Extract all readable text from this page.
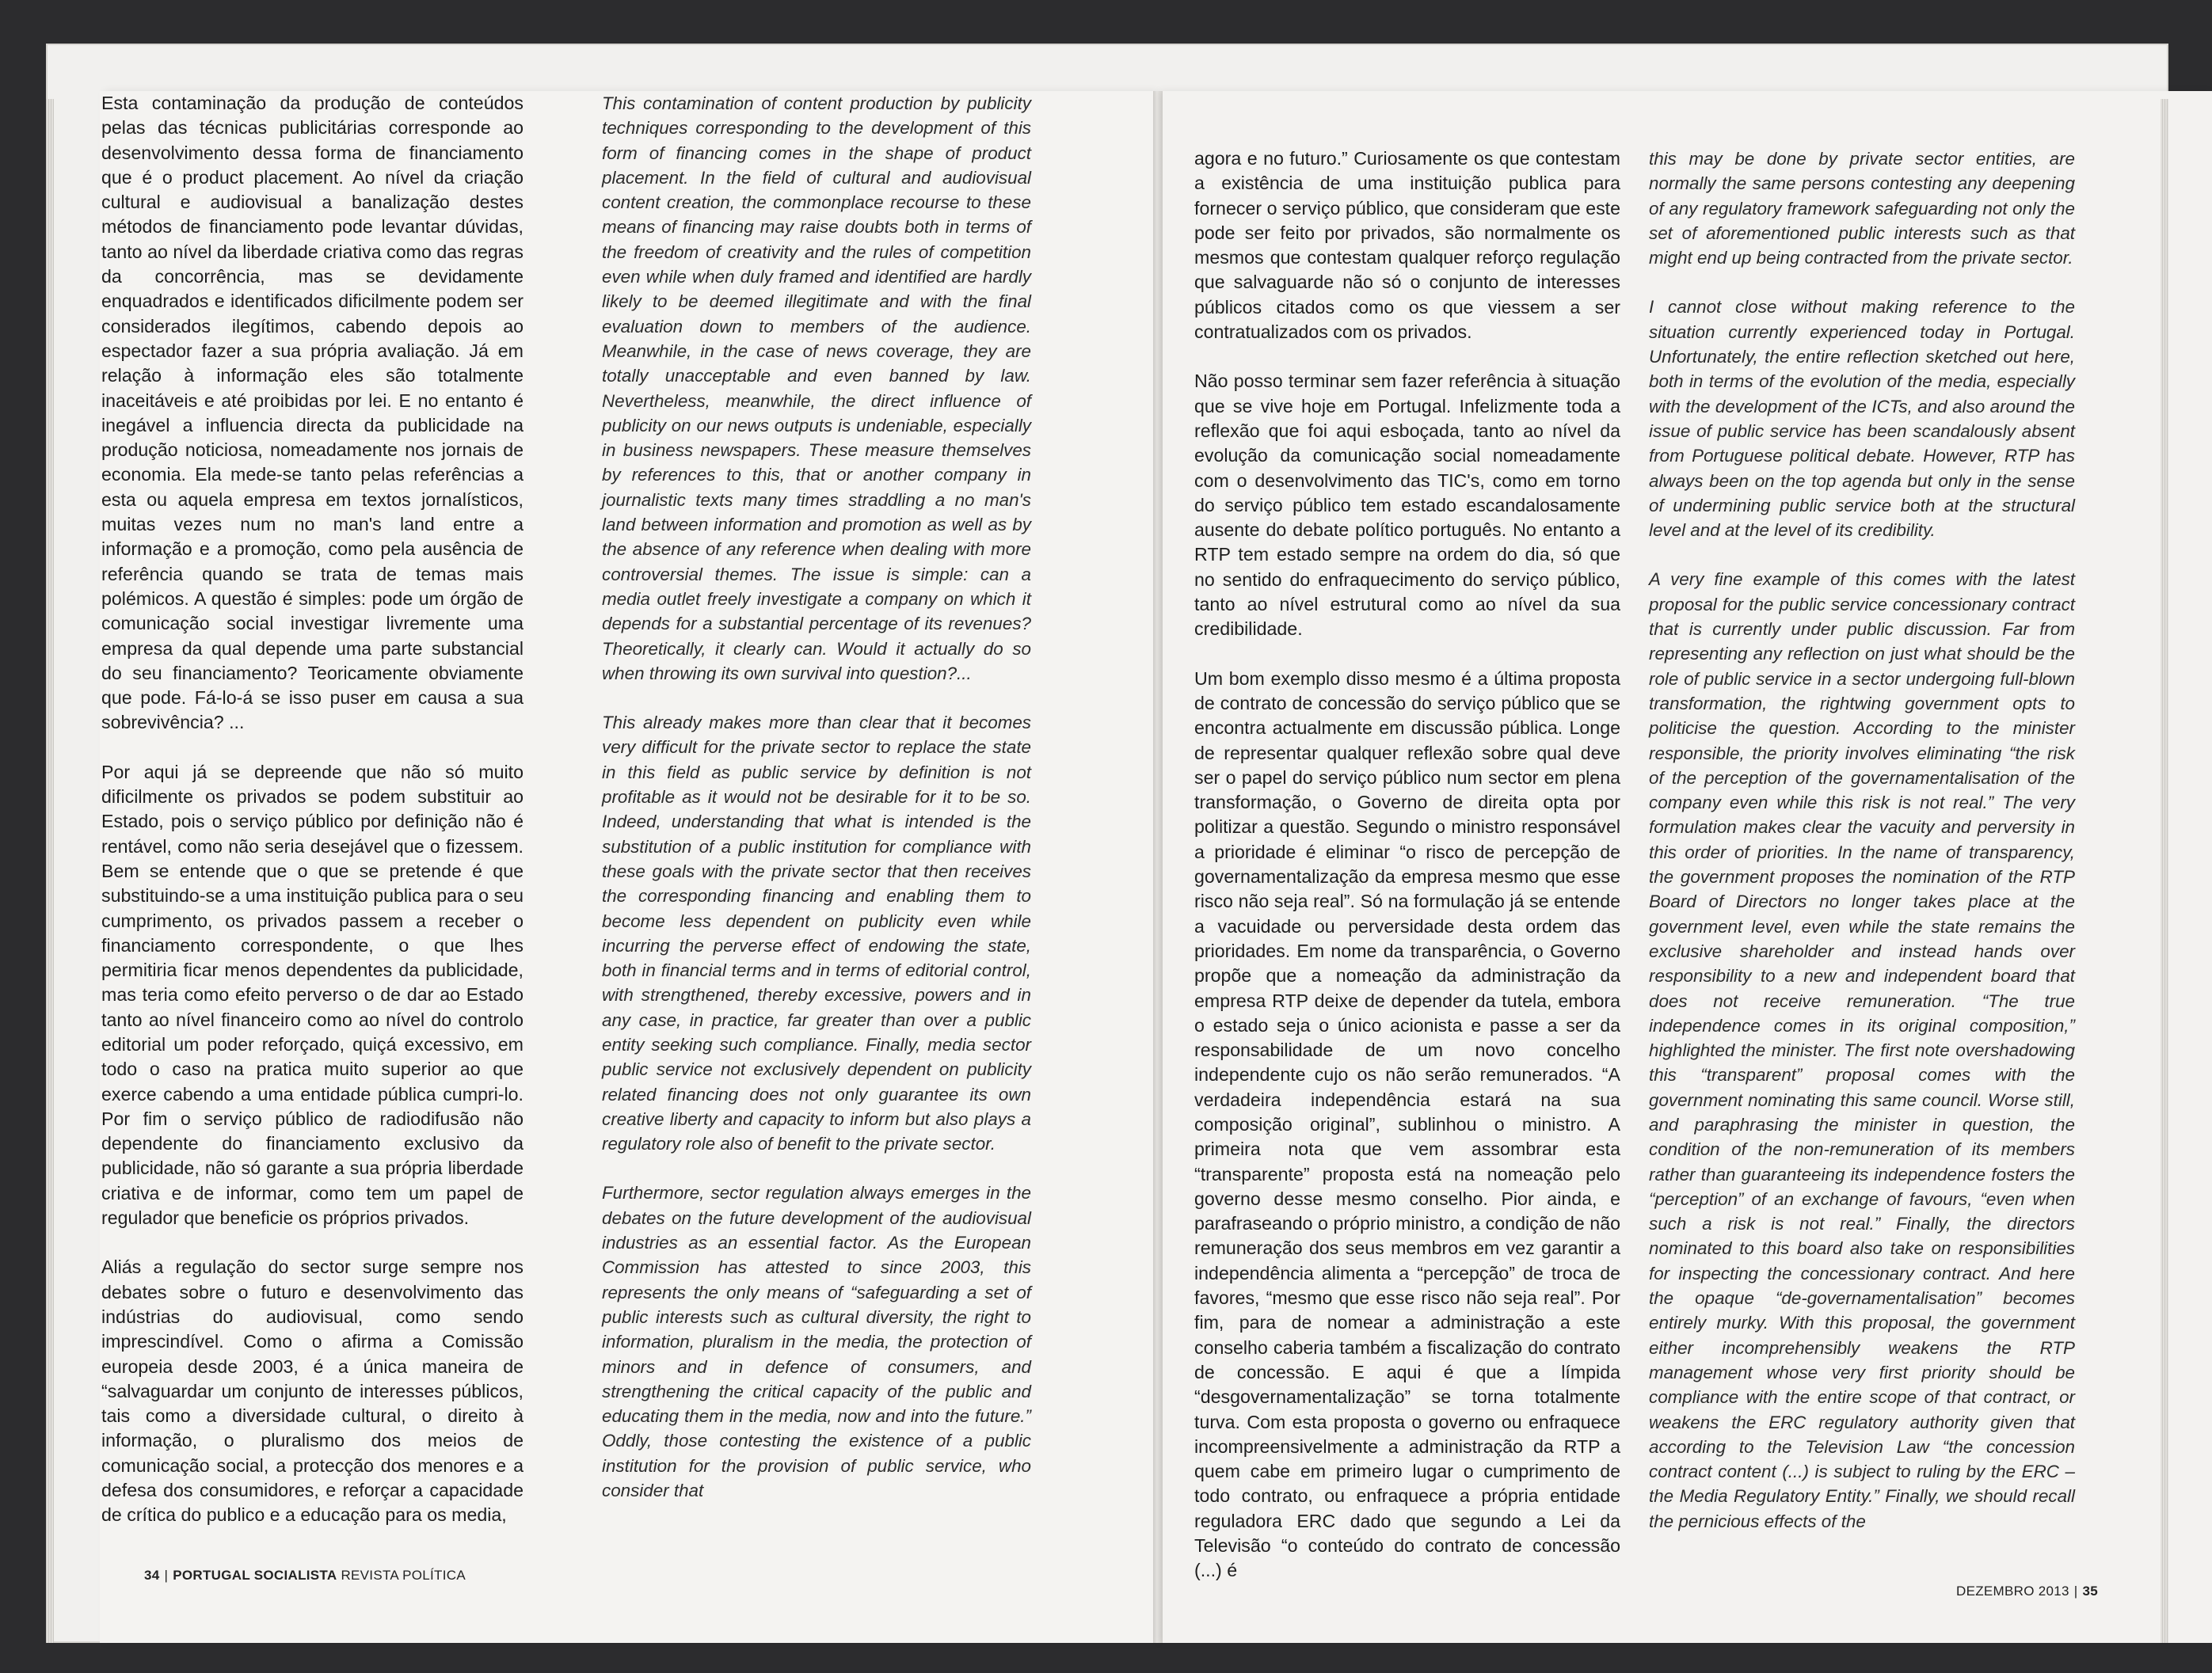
Esta contaminação da produção de conteúdos pelas das técnicas publicitárias corresponde ao desenvolvimento dessa forma de financiamento que é o product placement. Ao nível da criação cultural e audiovisual a banalização destes métodos de financiamento pode levantar dúvidas, tanto ao nível da liberdade criativa como das regras da concorrência, mas se devidamente enquadrados e identificados dificilmente podem ser considerados ilegítimos, cabendo depois ao espectador fazer a sua própria avaliação. Já em relação à informação eles são totalmente inaceitáveis e até proibidas por lei. E no entanto é inegável a influencia directa da publicidade na produção noticiosa, nomeadamente nos jornais de economia. Ela mede-se tanto pelas referências a esta ou aquela empresa em textos jornalísticos, muitas vezes num no man's land entre a informação e a promoção, como pela ausência de referência quando se trata de temas mais polémicos. A questão é simples: pode um órgão de comunicação social investigar livremente uma empresa da qual depende uma parte substancial do seu financiamento? Teoricamente obviamente que pode. Fá-lo-á se isso puser em causa a sua sobrevivência? ...

Por aqui já se depreende que não só muito dificilmente os privados se podem substituir ao Estado, pois o serviço público por definição não é rentável, como não seria desejável que o fizessem. Bem se entende que o que se pretende é que substituindo-se a uma instituição publica para o seu cumprimento, os privados passem a receber o financiamento correspondente, o que lhes permitiria ficar menos dependentes da publicidade, mas teria como efeito perverso o de dar ao Estado tanto ao nível financeiro como ao nível do controlo editorial um poder reforçado, quiçá excessivo, em todo o caso na pratica muito superior ao que exerce cabendo a uma entidade pública cumpri-lo. Por fim o serviço público de radiodifusão não dependente do financiamento exclusivo da publicidade, não só garante a sua própria liberdade criativa e de informar, como tem um papel de regulador que beneficie os próprios privados.

Aliás a regulação do sector surge sempre nos debates sobre o futuro e desenvolvimento das indústrias do audiovisual, como sendo imprescindível. Como o afirma a Comissão europeia desde 2003, é a única maneira de “salvaguardar um conjunto de interesses públicos, tais como a diversidade cultural, o direito à informação, o pluralismo dos meios de comunicação social, a protecção dos menores e a defesa dos consumidores, e reforçar a capacidade de crítica do publico e a educação para os media,

This contamination of content production by publicity techniques corresponding to the development of this form of financing comes in the shape of product placement. In the field of cultural and audiovisual content creation, the commonplace recourse to these means of financing may raise doubts both in terms of the freedom of creativity and the rules of competition even while when duly framed and identified are hardly likely to be deemed illegitimate and with the final evaluation down to members of the audience. Meanwhile, in the case of news coverage, they are totally unacceptable and even banned by law. Nevertheless, meanwhile, the direct influence of publicity on our news outputs is undeniable, especially in business newspapers. These measure themselves by references to this, that or another company in journalistic texts many times straddling a no man's land between information and promotion as well as by the absence of any reference when dealing with more controversial themes. The issue is simple: can a media outlet freely investigate a company on which it depends for a substantial percentage of its revenues? Theoretically, it clearly can. Would it actually do so when throwing its own survival into question?...

This already makes more than clear that it becomes very difficult for the private sector to replace the state in this field as public service by definition is not profitable as it would not be desirable for it to be so. Indeed, understanding that what is intended is the substitution of a public institution for compliance with these goals with the private sector that then receives the corresponding financing and enabling them to become less dependent on publicity even while incurring the perverse effect of endowing the state, both in financial terms and in terms of editorial control, with strengthened, thereby excessive, powers and in any case, in practice, far greater than over a public entity seeking such compliance. Finally, media sector public service not exclusively dependent on publicity related financing does not only guarantee its own creative liberty and capacity to inform but also plays a regulatory role also of benefit to the private sector.

Furthermore, sector regulation always emerges in the debates on the future development of the audiovisual industries as an essential factor. As the European Commission has attested to since 2003, this represents the only means of “safeguarding a set of public interests such as cultural diversity, the right to information, pluralism in the media, the protection of minors and in defence of consumers, and strengthening the critical capacity of the public and educating them in the media, now and into the future.” Oddly, those contesting the existence of a public institution for the provision of public service, who consider that

agora e no futuro.” Curiosamente os que contestam a existência de uma instituição publica para fornecer o serviço público, que consideram que este pode ser feito por privados, são normalmente os mesmos que contestam qualquer reforço regulação que salvaguarde não só o conjunto de interesses públicos citados como os que viessem a ser contratualizados com os privados.

Não posso terminar sem fazer referência à situação que se vive hoje em Portugal. Infelizmente toda a reflexão que foi aqui esboçada, tanto ao nível da evolução da comunicação social nomeadamente com o desenvolvimento das TIC's, como em torno do serviço público tem estado escandalosamente ausente do debate político português. No entanto a RTP tem estado sempre na ordem do dia, só que no sentido do enfraquecimento do serviço público, tanto ao nível estrutural como ao nível da sua credibilidade.

Um bom exemplo disso mesmo é a última proposta de contrato de concessão do serviço público que se encontra actualmente em discussão pública. Longe de representar qualquer reflexão sobre qual deve ser o papel do serviço público num sector em plena transformação, o Governo de direita opta por politizar a questão. Segundo o ministro responsável a prioridade é eliminar “o risco de percepção de governamentalização da empresa mesmo que esse risco não seja real”. Só na formulação já se entende a vacuidade ou perversidade desta ordem das prioridades. Em nome da transparência, o Governo propõe que a nomeação da administração da empresa RTP deixe de depender da tutela, embora o estado seja o único acionista e passe a ser da responsabilidade de um novo concelho independente cujo os não serão remunerados. “A verdadeira independência estará na sua composição original”, sublinhou o ministro. A primeira nota que vem assombrar esta “transparente” proposta está na nomeação pelo governo desse mesmo conselho. Pior ainda, e parafraseando o próprio ministro, a condição de não remuneração dos seus membros em vez garantir a independência alimenta a “percepção” de troca de favores, “mesmo que esse risco não seja real”. Por fim, para de nomear a administração a este conselho caberia também a fiscalização do contrato de concessão. E aqui é que a límpida “desgovernamentalização” se torna totalmente turva. Com esta proposta o governo ou enfraquece incompreensivelmente a administração da RTP a quem cabe em primeiro lugar o cumprimento de todo contrato, ou enfraquece a própria entidade reguladora ERC dado que segundo a Lei da Televisão “o conteúdo do contrato de concessão (...) é

this may be done by private sector entities, are normally the same persons contesting any deepening of any regulatory framework safeguarding not only the set of aforementioned public interests such as that might end up being contracted from the private sector.

I cannot close without making reference to the situation currently experienced today in Portugal. Unfortunately, the entire reflection sketched out here, both in terms of the evolution of the media, especially with the development of the ICTs, and also around the issue of public service has been scandalously absent from Portuguese political debate. However, RTP has always been on the top agenda but only in the sense of undermining public service both at the structural level and at the level of its credibility.

A very fine example of this comes with the latest proposal for the public service concessionary contract that is currently under public discussion. Far from representing any reflection on just what should be the role of public service in a sector undergoing full-blown transformation, the rightwing government opts to politicise the question. According to the minister responsible, the priority involves eliminating “the risk of the perception of the governamentalisation of the company even while this risk is not real.” The very formulation makes clear the vacuity and perversity in this order of priorities. In the name of transparency, the government proposes the nomination of the RTP Board of Directors no longer takes place at the government level, even while the state remains the exclusive shareholder and instead hands over responsibility to a new and independent board that does not receive remuneration. “The true independence comes in its original composition,” highlighted the minister. The first note overshadowing this “transparent” proposal comes with the government nominating this same council. Worse still, and paraphrasing the minister in question, the condition of the non-remuneration of its members rather than guaranteeing its independence fosters the “perception” of an exchange of favours, “even when such a risk is not real.” Finally, the directors nominated to this board also take on responsibilities for inspecting the concessionary contract. And here the opaque “de-governamentalisation” becomes entirely murky. With this proposal, the government either incomprehensibly weakens the RTP management whose very first priority should be compliance with the entire scope of that contract, or weakens the ERC regulatory authority given that according to the Television Law “the concession contract content (...) is subject to ruling by the ERC – the Media Regulatory Entity.” Finally, we should recall the pernicious effects of the

34 | PORTUGAL SOCIALISTA REVISTA POLÍTICA
DEZEMBRO 2013 | 35
